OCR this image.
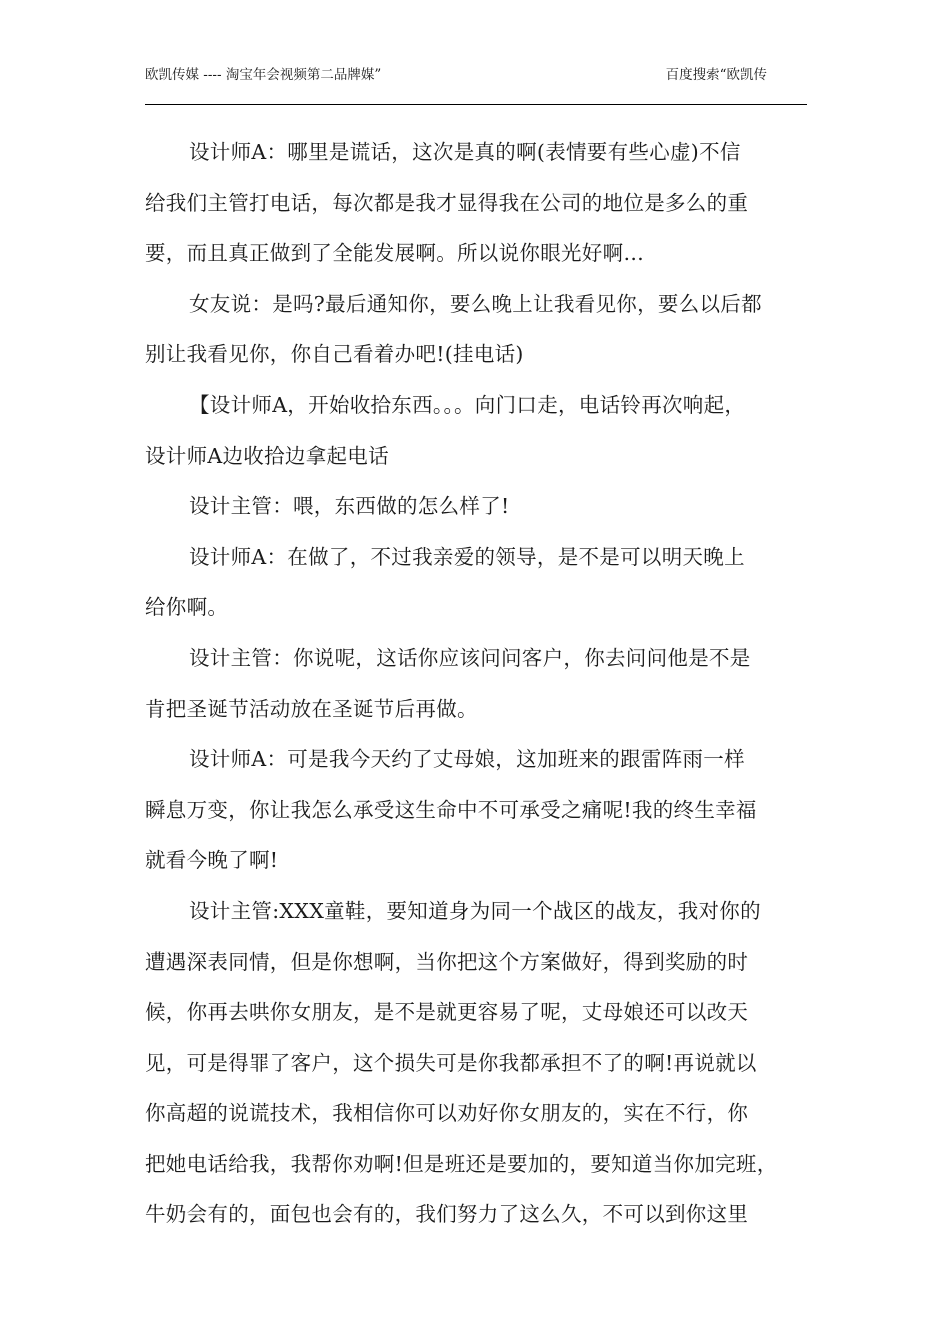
欧凯传媒 ---- 淘宝年会视频第二品牌媒”	百度搜索“欧凯传
设计师A：哪里是谎话，这次是真的啊(表情要有些心虚)不信
给我们主管打电话，每次都是我才显得我在公司的地位是多么的重
要，而且真正做到了全能发展啊。所以说你眼光好啊…
女友说：是吗?最后通知你，要么晚上让我看见你，要么以后都
别让我看见你，你自己看着办吧!(挂电话)
【设计师A，开始收拾东西。。。向门口走，电话铃再次响起，
设计师A边收拾边拿起电话
设计主管：喂，东西做的怎么样了!
设计师A：在做了，不过我亲爱的领导，是不是可以明天晚上
给你啊。
设计主管：你说呢，这话你应该问问客户，你去问问他是不是
肯把圣诞节活动放在圣诞节后再做。
设计师A：可是我今天约了丈母娘，这加班来的跟雷阵雨一样
瞬息万变，你让我怎么承受这生命中不可承受之痛呢!我的终生幸福
就看今晚了啊!
设计主管:XXX童鞋，要知道身为同一个战区的战友，我对你的
遭遇深表同情，但是你想啊，当你把这个方案做好，得到奖励的时
候，你再去哄你女朋友，是不是就更容易了呢，丈母娘还可以改天
见，可是得罪了客户，这个损失可是你我都承担不了的啊!再说就以
你高超的说谎技术，我相信你可以劝好你女朋友的，实在不行，你
把她电话给我，我帮你劝啊!但是班还是要加的，要知道当你加完班，
牛奶会有的，面包也会有的，我们努力了这么久，不可以到你这里
